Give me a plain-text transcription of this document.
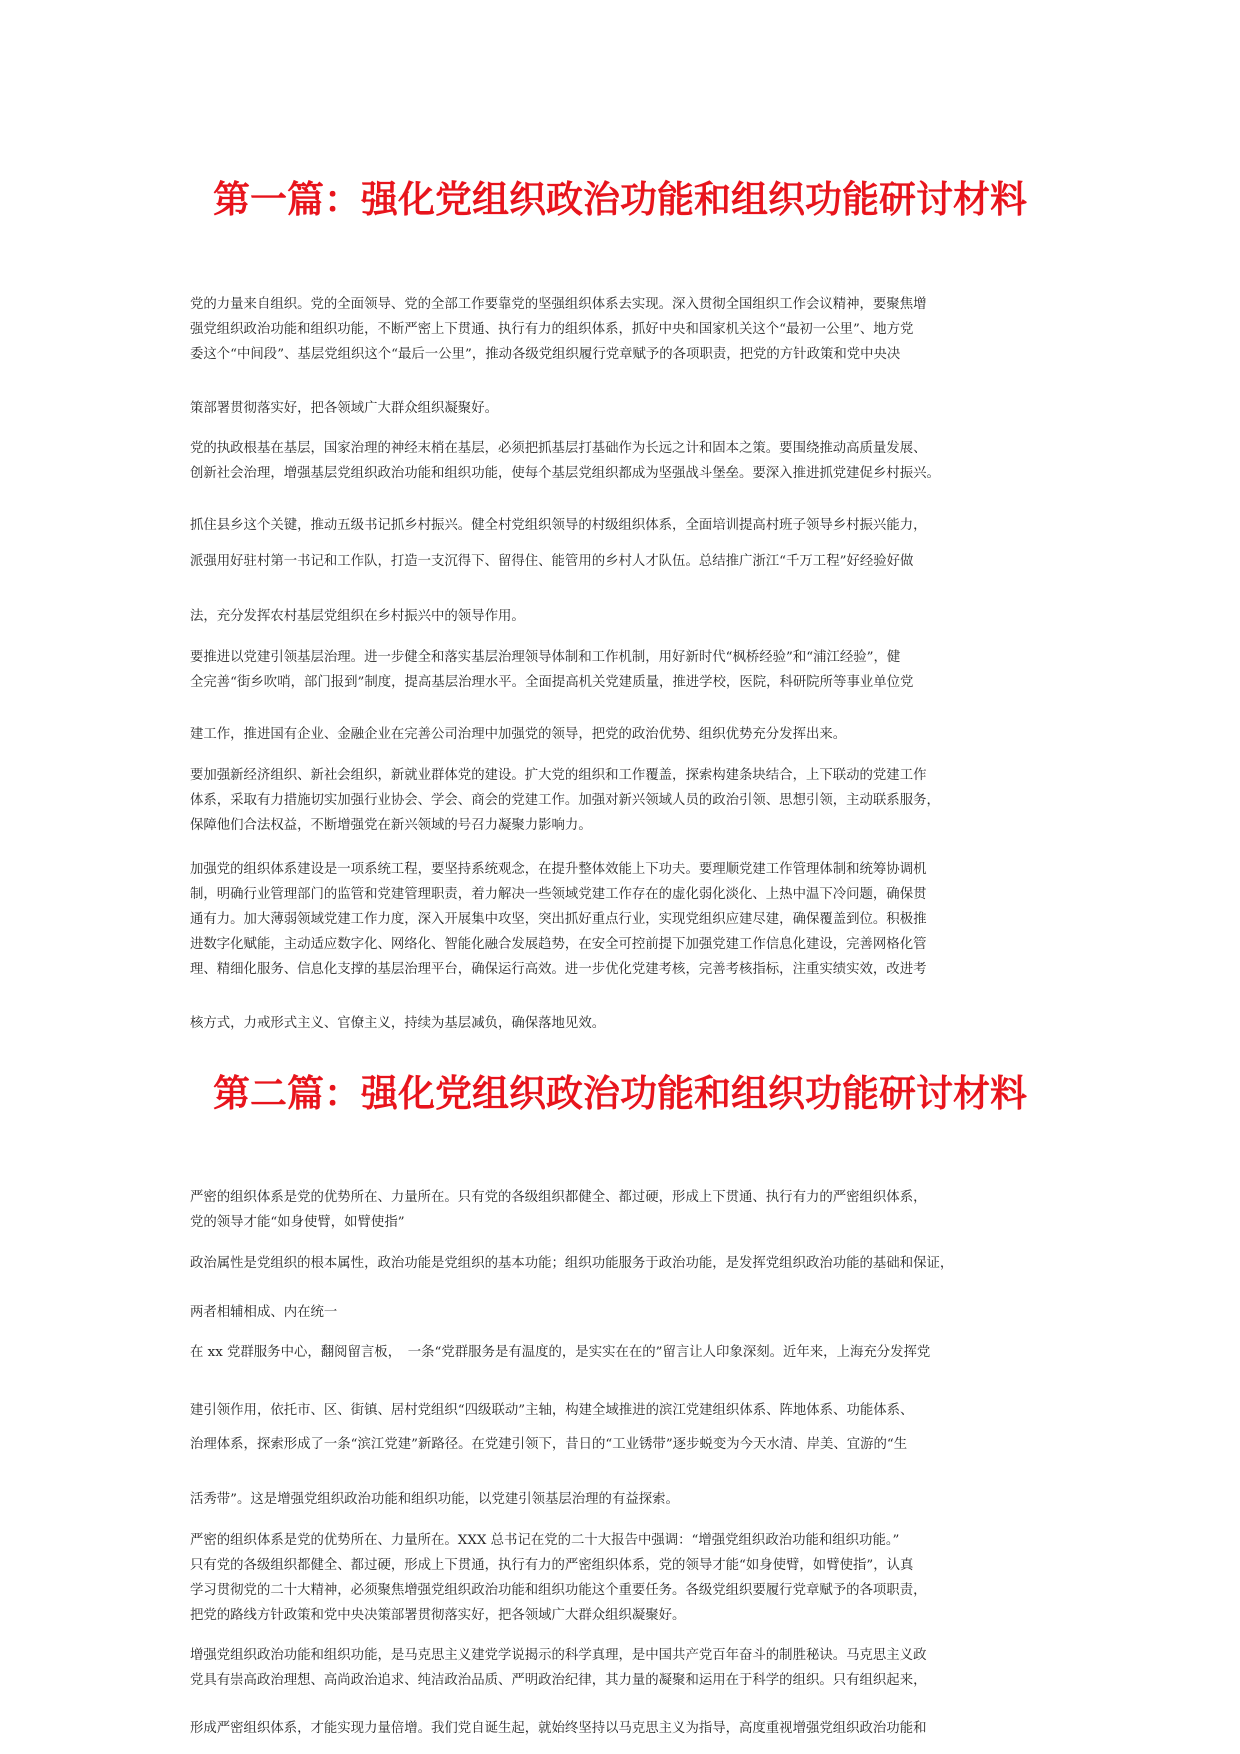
第一篇：强化党组织政治功能和组织功能研讨材料
党的力量来自组织。党的全面领导、党的全部工作要靠党的坚强组织体系去实现。深入贯彻全国组织工作会议精神，要聚焦增
强党组织政治功能和组织功能，不断严密上下贯通、执行有力的组织体系，抓好中央和国家机关这个“最初一公里”、地方党
委这个“中间段”、基层党组织这个“最后一公里”，推动各级党组织履行党章赋予的各项职责，把党的方针政策和党中央决
策部署贯彻落实好，把各领域广大群众组织凝聚好。
党的执政根基在基层，国家治理的神经末梢在基层，必须把抓基层打基础作为长远之计和固本之策。要围绕推动高质量发展、
创新社会治理，增强基层党组织政治功能和组织功能，使每个基层党组织都成为坚强战斗堡垒。要深入推进抓党建促乡村振兴。
抓住县乡这个关键，推动五级书记抓乡村振兴。健全村党组织领导的村级组织体系，全面培训提高村班子领导乡村振兴能力，
派强用好驻村第一书记和工作队，打造一支沉得下、留得住、能管用的乡村人才队伍。总结推广浙江“千万工程”好经验好做
法，充分发挥农村基层党组织在乡村振兴中的领导作用。
要推进以党建引领基层治理。进一步健全和落实基层治理领导体制和工作机制，用好新时代“枫桥经验”和“浦江经验”，健
全完善“街乡吹哨，部门报到”制度，提高基层治理水平。全面提高机关党建质量，推进学校，医院，科研院所等事业单位党
建工作，推进国有企业、金融企业在完善公司治理中加强党的领导，把党的政治优势、组织优势充分发挥出来。
要加强新经济组织、新社会组织，新就业群体党的建设。扩大党的组织和工作覆盖，探索构建条块结合，上下联动的党建工作
体系，采取有力措施切实加强行业协会、学会、商会的党建工作。加强对新兴领域人员的政治引领、思想引领，主动联系服务，
保障他们合法权益，不断增强党在新兴领域的号召力凝聚力影响力。
加强党的组织体系建设是一项系统工程，要坚持系统观念，在提升整体效能上下功夫。要理顺党建工作管理体制和统筹协调机
制，明确行业管理部门的监管和党建管理职责，着力解决一些领域党建工作存在的虚化弱化淡化、上热中温下冷问题，确保贯
通有力。加大薄弱领域党建工作力度，深入开展集中攻坚，突出抓好重点行业，实现党组织应建尽建，确保覆盖到位。积极推
进数字化赋能，主动适应数字化、网络化、智能化融合发展趋势，在安全可控前提下加强党建工作信息化建设，完善网格化管
理、精细化服务、信息化支撑的基层治理平台，确保运行高效。进一步优化党建考核，完善考核指标，注重实绩实效，改进考
核方式，力戒形式主义、官僚主义，持续为基层减负，确保落地见效。
第二篇：强化党组织政治功能和组织功能研讨材料
严密的组织体系是党的优势所在、力量所在。只有党的各级组织都健全、都过硬，形成上下贯通、执行有力的严密组织体系，
党的领导才能“如身使臂，如臂使指”
政治属性是党组织的根本属性，政治功能是党组织的基本功能；组织功能服务于政治功能，是发挥党组织政治功能的基础和保证，
两者相辅相成、内在统一
在 xx 党群服务中心，翻阅留言板，　一条“党群服务是有温度的，是实实在在的”留言让人印象深刻。近年来，上海充分发挥党
建引领作用，依托市、区、街镇、居村党组织“四级联动”主轴，构建全域推进的滨江党建组织体系、阵地体系、功能体系、
治理体系，探索形成了一条“滨江党建”新路径。在党建引领下，昔日的“工业锈带”逐步蜕变为今天水清、岸美、宜游的“生
活秀带”。这是增强党组织政治功能和组织功能，以党建引领基层治理的有益探索。
严密的组织体系是党的优势所在、力量所在。XXX 总书记在党的二十大报告中强调：“增强党组织政治功能和组织功能。”
只有党的各级组织都健全、都过硬，形成上下贯通，执行有力的严密组织体系，党的领导才能“如身使臂，如臂使指”，认真
学习贯彻党的二十大精神，必须聚焦增强党组织政治功能和组织功能这个重要任务。各级党组织要履行党章赋予的各项职责，
把党的路线方针政策和党中央决策部署贯彻落实好，把各领域广大群众组织凝聚好。
增强党组织政治功能和组织功能，是马克思主义建党学说揭示的科学真理，是中国共产党百年奋斗的制胜秘诀。马克思主义政
党具有崇高政治理想、高尚政治追求、纯洁政治品质、严明政治纪律，其力量的凝聚和运用在于科学的组织。只有组织起来，
形成严密组织体系，才能实现力量倍增。我们党自诞生起，就始终坚持以马克思主义为指导，高度重视增强党组织政治功能和
